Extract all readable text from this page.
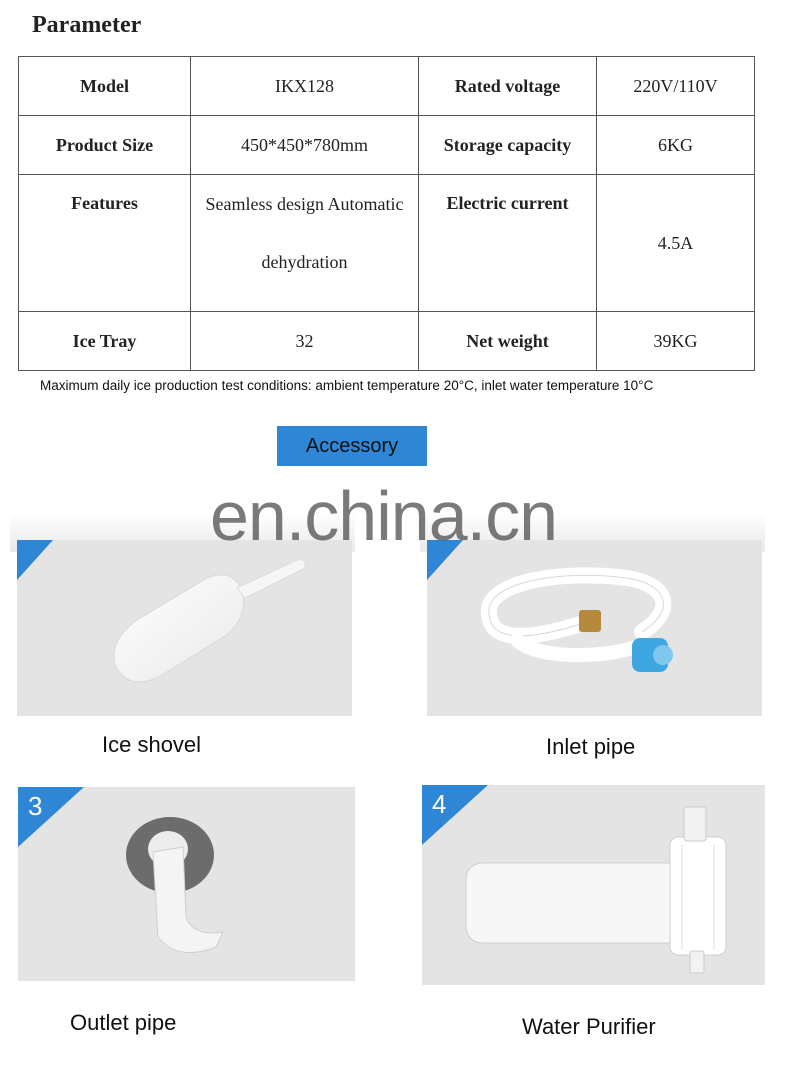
Parameter
Model	IKX128	Rated voltage	220V/110V
Product Size	450*450*780mm	Storage capacity	6KG
Features	Seamless design Automatic dehydration	Electric current	4.5A
Ice Tray	32	Net weight	39KG
Maximum daily ice production test conditions: ambient temperature 20°C, inlet water temperature 10°C
Accessory
Ice shovel	Inlet pipe
3
Outlet pipe
4
Water Purifier
en.china.cn
